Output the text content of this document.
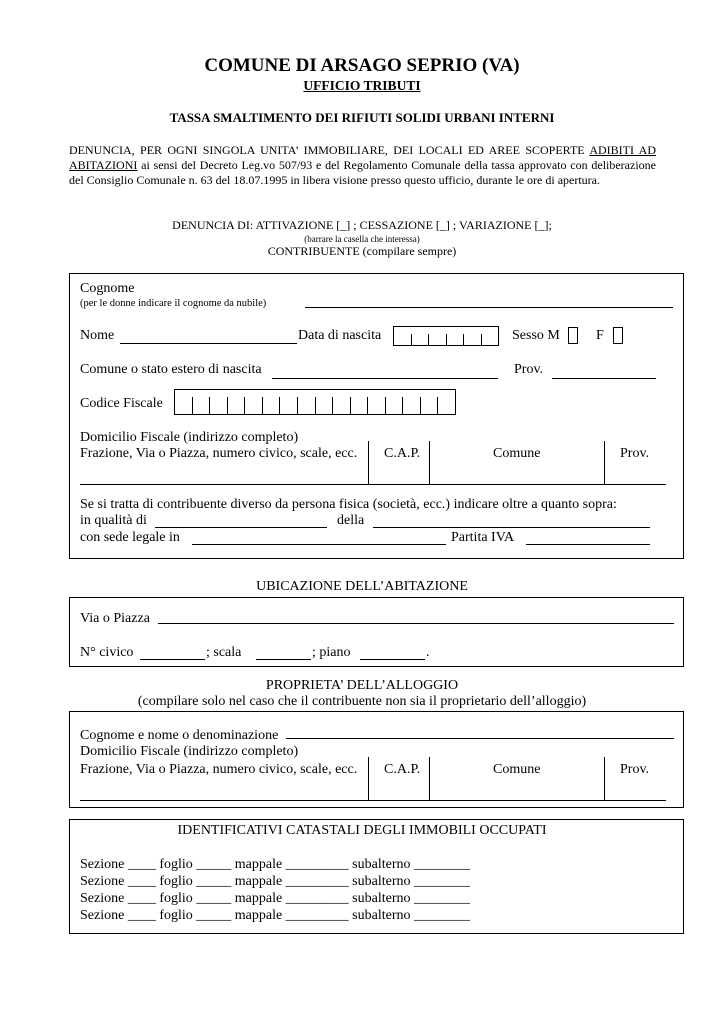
COMUNE DI ARSAGO SEPRIO (VA)
UFFICIO TRIBUTI
TASSA SMALTIMENTO DEI RIFIUTI SOLIDI URBANI INTERNI
DENUNCIA, PER OGNI SINGOLA UNITA’ IMMOBILIARE, DEI LOCALI ED AREE SCOPERTE ADIBITI AD ABITAZIONI ai sensi del Decreto Leg.vo 507/93 e del Regolamento Comunale della tassa approvato con deliberazione del Consiglio Comunale n. 63 del 18.07.1995 in libera visione presso questo ufficio, durante le ore di apertura.
DENUNCIA DI: ATTIVAZIONE [_] ; CESSAZIONE [_] ; VARIAZIONE [_];
(barrare la casella che interessa)
CONTRIBUENTE (compilare sempre)
Cognome
(per le donne indicare il cognome da nubile)
Nome	Data di nascita	Sesso M	F
Comune o stato estero di nascita	Prov.
Codice Fiscale
Domicilio Fiscale (indirizzo completo)
Frazione, Via o Piazza, numero civico, scale, ecc. C.A.P.	Comune	Prov.
Se si tratta di contribuente diverso da persona fisica (società, ecc.) indicare oltre a quanto sopra:
in qualità di	della
con sede legale in	Partita IVA
UBICAZIONE DELL’ABITAZIONE
Via o Piazza
N° civico	; scala	; piano	.
PROPRIETA’ DELL’ALLOGGIO
(compilare solo nel caso che il contribuente non sia il proprietario dell’alloggio)
Cognome e nome o denominazione
Domicilio Fiscale (indirizzo completo)
Frazione, Via o Piazza, numero civico, scale, ecc. C.A.P.	Comune	Prov.
IDENTIFICATIVI CATASTALI DEGLI IMMOBILI OCCUPATI
Sezione ____ foglio _____ mappale _________ subalterno ________
Sezione ____ foglio _____ mappale _________ subalterno ________
Sezione ____ foglio _____ mappale _________ subalterno ________
Sezione ____ foglio _____ mappale _________ subalterno ________
